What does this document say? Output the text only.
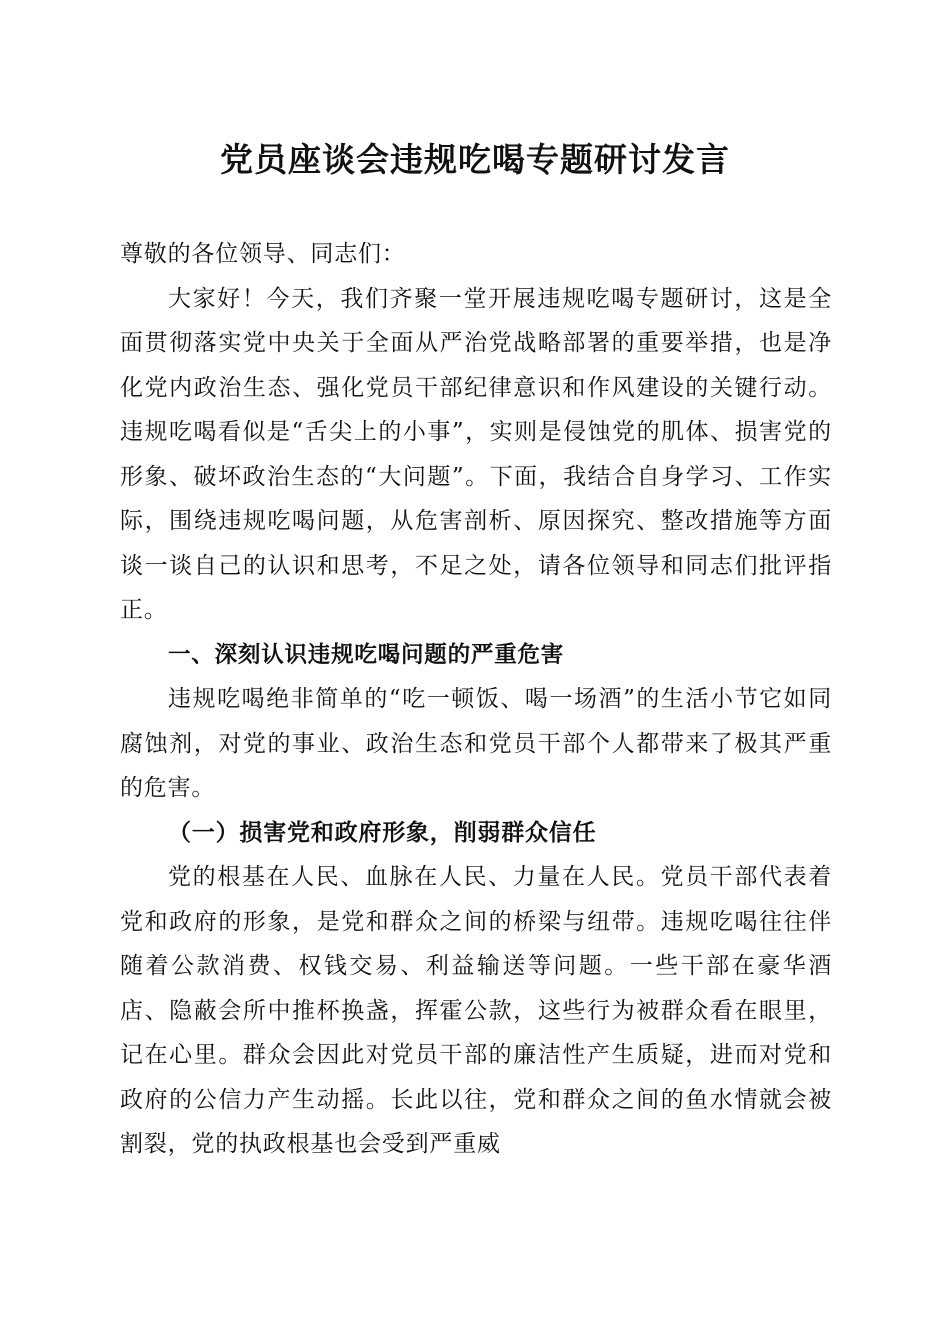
党员座谈会违规吃喝专题研讨发言

尊敬的各位领导、同志们：

大家好！今天，我们齐聚一堂开展违规吃喝专题研讨，这是全面贯彻落实党中央关于全面从严治党战略部署的重要举措，也是净化党内政治生态、强化党员干部纪律意识和作风建设的关键行动。违规吃喝看似是“舌尖上的小事”，实则是侵蚀党的肌体、损害党的形象、破坏政治生态的“大问题”。下面，我结合自身学习、工作实际，围绕违规吃喝问题，从危害剖析、原因探究、整改措施等方面谈一谈自己的认识和思考，不足之处，请各位领导和同志们批评指正。

一、深刻认识违规吃喝问题的严重危害

违规吃喝绝非简单的“吃一顿饭、喝一场酒”的生活小节它如同腐蚀剂，对党的事业、政治生态和党员干部个人都带来了极其严重的危害。

（一）损害党和政府形象，削弱群众信任

党的根基在人民、血脉在人民、力量在人民。党员干部代表着党和政府的形象，是党和群众之间的桥梁与纽带。违规吃喝往往伴随着公款消费、权钱交易、利益输送等问题。一些干部在豪华酒店、隐蔽会所中推杯换盏，挥霍公款，这些行为被群众看在眼里，记在心里。群众会因此对党员干部的廉洁性产生质疑，进而对党和政府的公信力产生动摇。长此以往，党和群众之间的鱼水情就会被割裂，党的执政根基也会受到严重威
